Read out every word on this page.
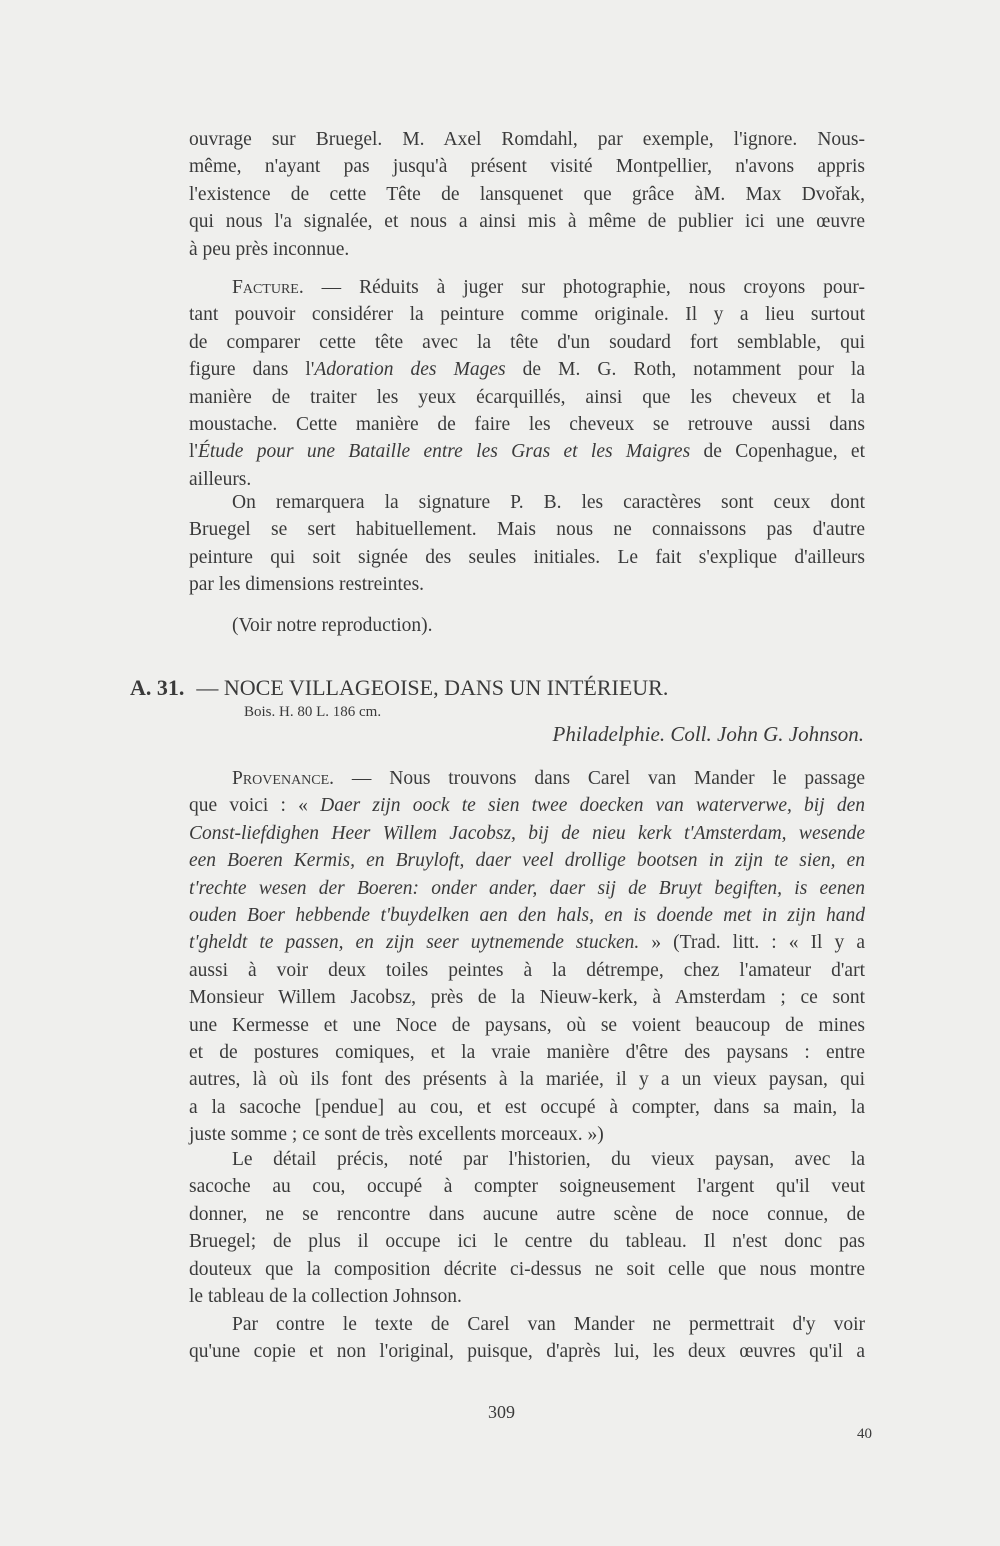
ouvrage sur Bruegel. M. Axel Romdahl, par exemple, l'ignore. Nous-
même, n'ayant pas jusqu'à présent visité Montpellier, n'avons appris
l'existence de cette Tête de lansquenet que grâce àM. Max Dvořak,
qui nous l'a signalée, et nous a ainsi mis à même de publier ici une œuvre
à peu près inconnue.
Facture. — Réduits à juger sur photographie, nous croyons pour-
tant pouvoir considérer la peinture comme originale. Il y a lieu surtout
de comparer cette tête avec la tête d'un soudard fort semblable, qui
figure dans l'Adoration des Mages de M. G. Roth, notamment pour la
manière de traiter les yeux écarquillés, ainsi que les cheveux et la
moustache. Cette manière de faire les cheveux se retrouve aussi dans
l'Étude pour une Bataille entre les Gras et les Maigres de Copenhague, et
ailleurs.
On remarquera la signature P. B. les caractères sont ceux dont
Bruegel se sert habituellement. Mais nous ne connaissons pas d'autre
peinture qui soit signée des seules initiales. Le fait s'explique d'ailleurs
par les dimensions restreintes.
(Voir notre reproduction).
A. 31. — NOCE VILLAGEOISE, DANS UN INTÉRIEUR.
Bois. H. 80 L. 186 cm.
Philadelphie. Coll. John G. Johnson.
Provenance. — Nous trouvons dans Carel van Mander le passage
que voici : « Daer zijn oock te sien twee doecken van waterverwe, bij den
Const-liefdighen Heer Willem Jacobsz, bij de nieu kerk t'Amsterdam, wesende
een Boeren Kermis, en Bruyloft, daer veel drollige bootsen in zijn te sien, en
t'rechte wesen der Boeren: onder ander, daer sij de Bruyt begiften, is eenen
ouden Boer hebbende t'buydelken aen den hals, en is doende met in zijn hand
t'gheldt te passen, en zijn seer uytnemende stucken. » (Trad. litt. : « Il y a
aussi à voir deux toiles peintes à la détrempe, chez l'amateur d'art
Monsieur Willem Jacobsz, près de la Nieuw-kerk, à Amsterdam ; ce sont
une Kermesse et une Noce de paysans, où se voient beaucoup de mines
et de postures comiques, et la vraie manière d'être des paysans : entre
autres, là où ils font des présents à la mariée, il y a un vieux paysan, qui
a la sacoche [pendue] au cou, et est occupé à compter, dans sa main, la
juste somme ; ce sont de très excellents morceaux. »)
Le détail précis, noté par l'historien, du vieux paysan, avec la
sacoche au cou, occupé à compter soigneusement l'argent qu'il veut
donner, ne se rencontre dans aucune autre scène de noce connue, de
Bruegel; de plus il occupe ici le centre du tableau. Il n'est donc pas
douteux que la composition décrite ci-dessus ne soit celle que nous montre
le tableau de la collection Johnson.
Par contre le texte de Carel van Mander ne permettrait d'y voir
qu'une copie et non l'original, puisque, d'après lui, les deux œuvres qu'il a
309
40
